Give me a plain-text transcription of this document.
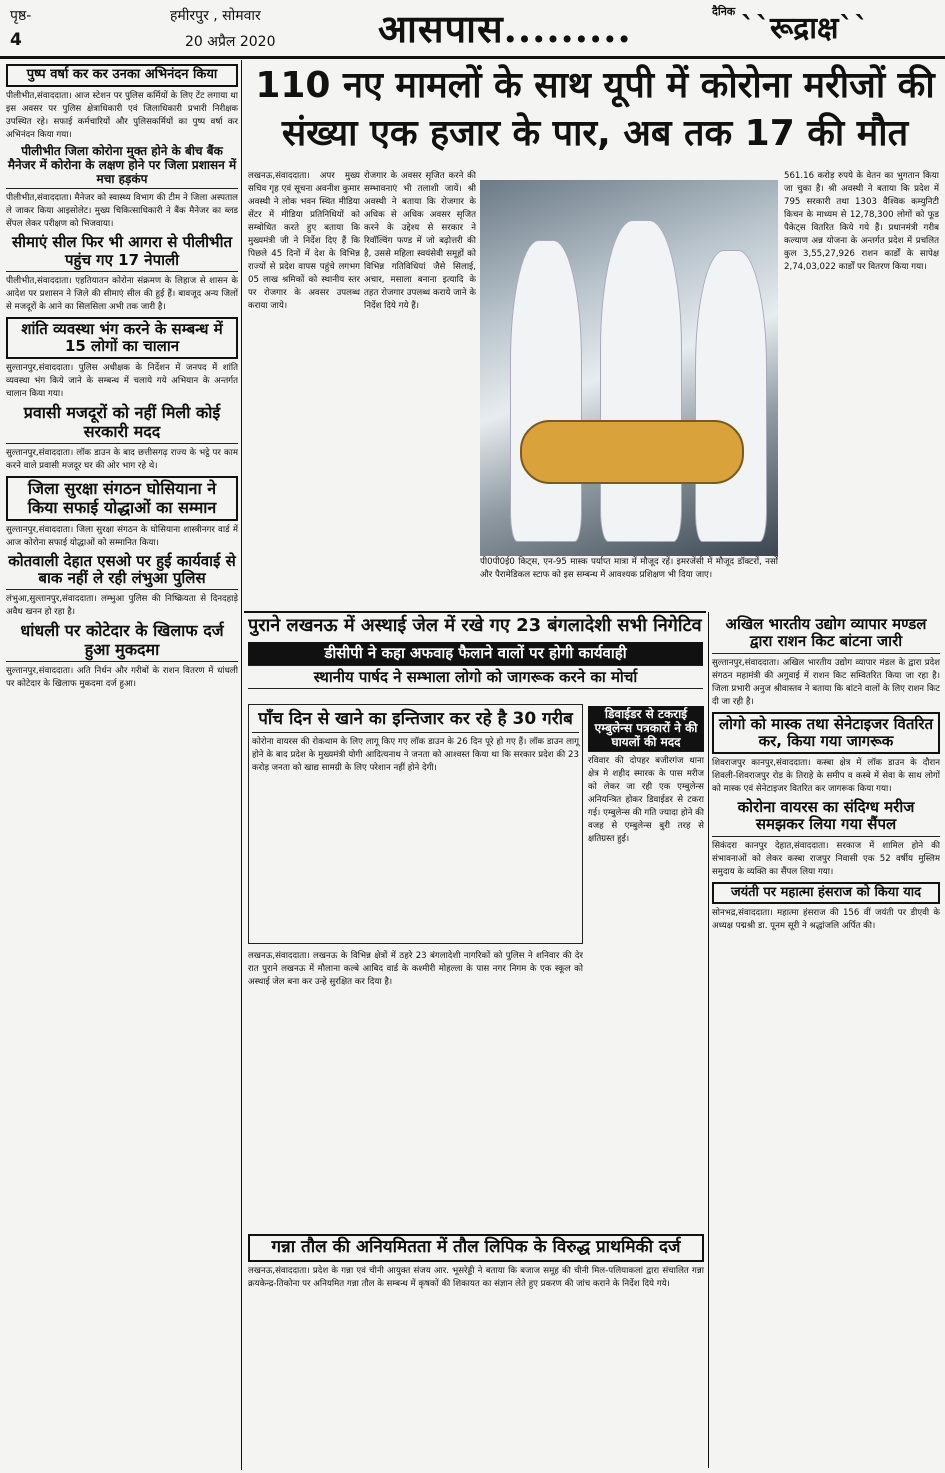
पृष्ठ-
4
हमीरपुर , सोमवार
20 अप्रैल 2020	आसपास.........	दैनिक ``रूद्राक्ष``
पुष्प वर्षा कर कर उनका अभिनंदन किया
पीलीभीत,संवाददाता। आज स्टेशन पर पुलिस कर्मियों के लिए टेंट लगाया था इस अवसर पर पुलिस क्षेत्राधिकारी एवं जिलाधिकारी प्रभारी निरीक्षक उपस्थित रहे। सफाई कर्मचारियों और पुलिसकर्मियों का पुष्प वर्षा कर अभिनंदन किया गया।
पीलीभीत जिला कोरोना मुक्त होने के बीच बैंक मैनेजर में कोरोना के लक्षण होने पर जिला प्रशासन में मचा हड़कंप
पीलीभीत,संवाददाता। मैनेजर को स्वास्थ्य विभाग की टीम ने जिला अस्पताल ले जाकर किया आइसोलेट। मुख्य चिकित्साधिकारी ने बैंक मैनेजर का ब्लड सेंपल लेकर परीक्षण को भिजवाया।
सीमाएं सील फिर भी आगरा से पीलीभीत पहुंच गए 17 नेपाली
पीलीभीत,संवाददाता। एहतियातन कोरोना संक्रमण के लिहाज से शासन के आदेश पर प्रशासन ने जिले की सीमाएं सील की हुई हैं। बावजूद अन्य जिलों से मजदूरों के आने का सिलसिला अभी तक जारी है।
शांति व्यवस्था भंग करने के सम्बन्ध में 15 लोगों का चालान
सुल्तानपुर,संवाददाता। पुलिस अधीक्षक के निर्देशन में जनपद में शांति व्यवस्था भंग किये जाने के सम्बन्ध में चलाये गये अभियान के अन्तर्गत चालान किया गया।
प्रवासी मजदूरों को नहीं मिली कोई सरकारी मदद
सुल्तानपुर,संवाददाता। लॉक डाउन के बाद छत्तीसगढ़ राज्य के भट्ठे पर काम करने वाले प्रवासी मजदूर घर की ओर भाग रहे थे।
जिला सुरक्षा संगठन घोसियाना ने किया सफाई योद्धाओं का सम्मान
सुल्तानपुर,संवाददाता। जिला सुरक्षा संगठन के घोसियाना शास्त्रीनगर वार्ड में आज कोरोना सफाई योद्धाओं को सम्मानित किया।
कोतवाली देहात एसओ पर हुई कार्यवाई से बाक नहीं ले रही लंभुआ पुलिस
लंभुआ,सुल्तानपुर,संवाददाता। लम्भुआ पुलिस की निष्क्रियता से दिनदहाड़े अवैध खनन हो रहा है।
धांधली पर कोटेदार के खिलाफ दर्ज हुआ मुकदमा
सुल्तानपुर,संवाददाता। अति निर्धन और गरीबों के राशन वितरण में धांधली पर कोटेदार के खिलाफ मुकदमा दर्ज हुआ।
110 नए मामलों के साथ यूपी में कोरोना मरीजों की
संख्या एक हजार के पार, अब तक 17 की मौत
लखनऊ,संवाददाता। अपर मुख्य सचिव गृह एवं सूचना अवनीश कुमार अवस्थी ने लोक भवन स्थित मीडिया सेंटर में मीडिया प्रतिनिधियों को सम्बोधित करते हुए बताया कि मुख्यमंत्री जी ने निर्देश दिए हैं कि पिछले 45 दिनों में देश के विभिन्न राज्यों से प्रदेश वापस पहुंचे लगभग 05 लाख श्रमिकों को स्थानीय स्तर पर रोजगार के अवसर उपलब्ध कराया जाये।
रोजगार के अवसर सृजित करने की सम्भावनाएं भी तलाशी जायें। श्री अवस्थी ने बताया कि रोजगार के अधिक से अधिक अवसर सृजित करने के उद्देश्य से सरकार ने रिवॉल्विंग फण्ड में जो बढ़ोत्तरी की है, उससे महिला स्वयंसेवी समूहों को विभिन्न गतिविधियां जैसे सिलाई, अचार, मसाला बनाना इत्यादि के तहत रोजगार उपलब्ध कराये जाने के निर्देश दिये गये हैं।
561.16 करोड़ रुपये के वेतन का भुगतान किया जा चुका है। श्री अवस्थी ने बताया कि प्रदेश में 795 सरकारी तथा 1303 वैश्विक कम्युनिटी किचन के माध्यम से 12,78,300 लोगों को फूड पैकेट्स वितरित किये गये हैं। प्रधानमंत्री गरीब कल्याण अन्न योजना के अन्तर्गत प्रदेश में प्रचलित कुल 3,55,27,926 राशन कार्डों के सापेक्ष 2,74,03,022 कार्डों पर वितरण किया गया।
पी0पी0ई0 किट्स, एन-95 मास्क पर्याप्त मात्रा में मौजूद रहें। इमरजेंसी में मौजूद डॉक्टरों, नर्सों और पैरामेडिकल स्टाफ को इस सम्बन्ध में आवश्यक प्रशिक्षण भी दिया जाए।
पुराने लखनऊ में अस्थाई जेल में रखे गए 23 बंगलादेशी सभी निगेटिव
डीसीपी ने कहा अफवाह फैलाने वालों पर होगी कार्यवाही
स्थानीय पार्षद ने सम्भाला लोगो को जागरूक करने का मोर्चा
पाँच दिन से खाने का इन्तिजार कर रहे है 30 गरीब
कोरोना वायरस की रोकथाम के लिए लागू किए गए लॉक डाउन के 26 दिन पूरे हो गए हैं। लॉक डाउन लागू होने के बाद प्रदेश के मुख्यमंत्री योगी आदित्यनाथ ने जनता को आश्वस्त किया था कि सरकार प्रदेश की 23 करोड़ जनता को खाद्य सामग्री के लिए परेशान नहीं होने देगी।
डिवाईडर से टकराई एम्बुलेन्स पत्रकारों ने की घायलों की मदद
रविवार की दोपहर बजीरगंज थाना क्षेत्र मे शहीद स्मारक के पास मरीज को लेकर जा रही एक एम्बुलेन्स अनियन्त्रित होकर डिवाईडर से टकरा गई। एम्बुलेन्स की गति ज्यादा होने की वजह से एम्बुलेन्स बुरी तरह से क्षतिग्रस्त हुई।
लखनऊ,संवाददाता। लखनऊ के विभिन्न क्षेत्रों में ठहरे 23 बंगलादेशी नागरिकों को पुलिस ने शनिवार की देर रात पुराने लखनऊ में मौलाना कल्बे आबिद वार्ड के कश्मीरी मोहल्ला के पास नगर निगम के एक स्कूल को अस्थाई जेल बना कर उन्हे सुरक्षित कर दिया है।
गन्ना तौल की अनियमितता में तौल लिपिक के विरुद्ध प्राथमिकी दर्ज
लखनऊ,संवाददाता। प्रदेश के गन्ना एवं चीनी आयुक्त संजय आर. भूसरेड्डी ने बताया कि बजाज समूह की चीनी मिल-पलियाकलां द्वारा संचालित गन्ना क्रयकेन्द्र-तिकोना पर अनियमित गन्ना तौल के सम्बन्ध में कृषकों की शिकायत का संज्ञान लेते हुए प्रकरण की जांच कराने के निर्देश दिये गये।
अखिल भारतीय उद्योग व्यापार मण्डल द्वारा राशन किट बांटना जारी
सुल्तानपुर,संवाददाता। अखिल भारतीय उद्योग व्यापार मंडल के द्वारा प्रदेश संगठन महामंत्री की अगुवाई में राशन किट सम्वितरित किया जा रहा है। जिला प्रभारी अनुज श्रीवास्तव ने बताया कि बांटने वालों के लिए राशन किट दी जा रही है।
लोगो को मास्क तथा सेनेटाइजर वितरित कर, किया गया जागरूक
शिवराजपुर कानपुर,संवाददाता। कस्बा क्षेत्र में लॉक डाउन के दौरान शिवली-शिवराजपुर रोड के तिराहे के समीप व कस्बे में सेवा के साथ लोगों को मास्क एवं सेनेटाइजर वितरित कर जागरूक किया गया।
कोरोना वायरस का संदिग्ध मरीज समझकर लिया गया सैंपल
सिकंदरा कानपुर देहात,संवाददाता। सरकाज में शामिल होने की संभावनाओं को लेकर कस्बा राजपुर निवासी एक 52 वर्षीय मुस्लिम समुदाय के व्यक्ति का सैंपल लिया गया।
जयंती पर महात्मा हंसराज को किया याद
सोनभद्र,संवाददाता। महात्मा हंसराज की 156 वीं जयंती पर डीएवी के अध्यक्ष पद्मश्री डा. पूनम सूरी ने श्रद्धांजलि अर्पित की।
